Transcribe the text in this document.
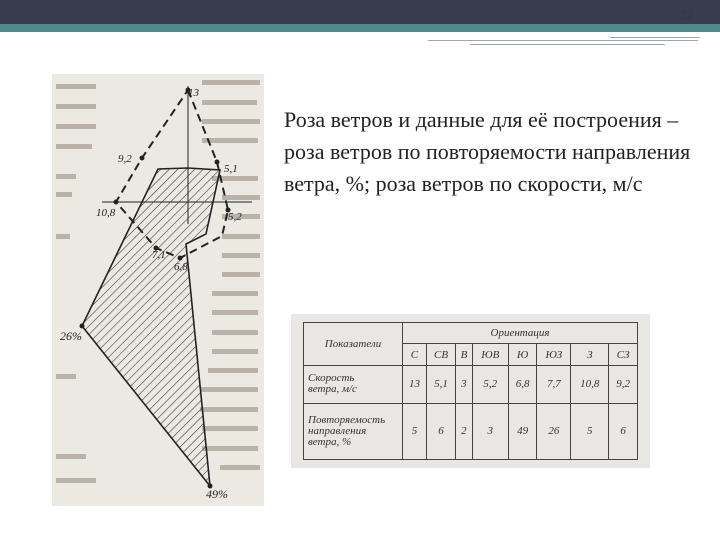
22
13
9,2
5,1
10,8	5,2
7,1
6,8
26%
49%
Роза ветров и данные для её построения – роза ветров по повторяемости направления ветра, %; роза ветров по скорости, м/с
Показатели	Ориентация							
	С	СВ	В	ЮВ	Ю	ЮЗ	З	СЗ
Скорость
ветра, м/с	13	5,1	3	5,2	6,8	7,7	10,8	9,2
Повторяемость
направления
ветра, %	5	6	2	3	49	26	5	6
